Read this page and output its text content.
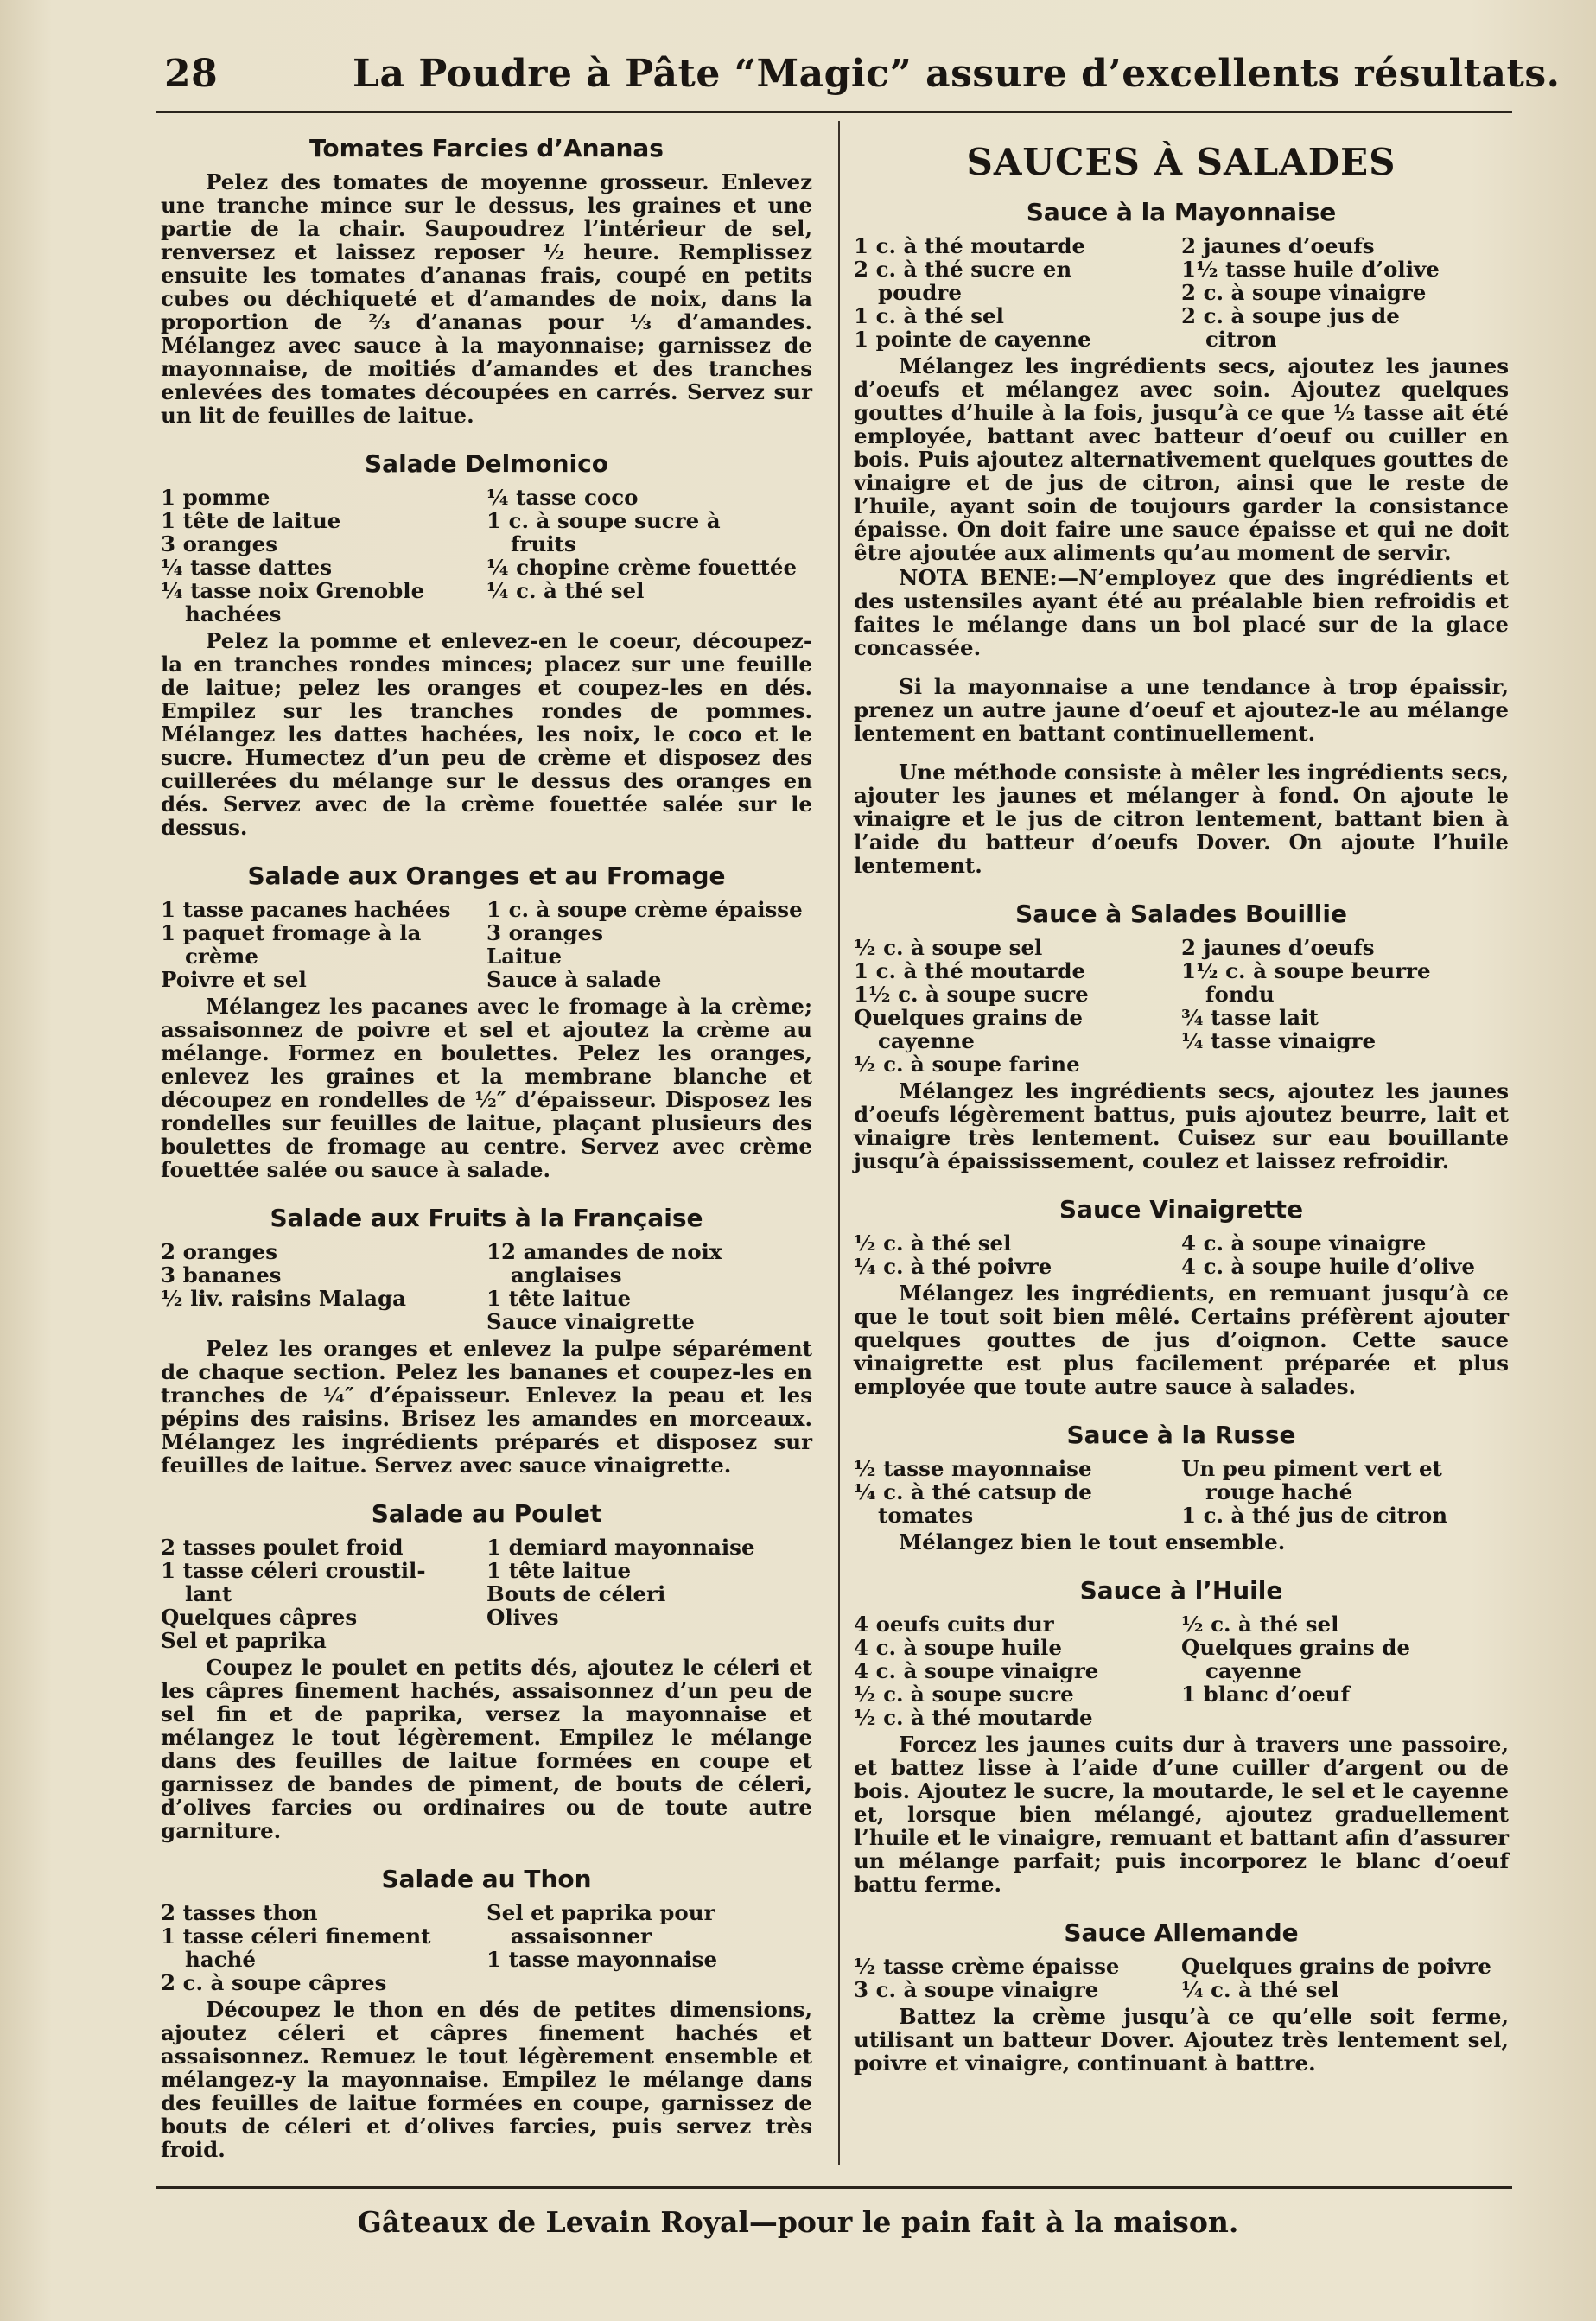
28	La Poudre à Pâte “Magic” assure d’excellents résultats.
Tomates Farcies d’Ananas

Pelez des tomates de moyenne grosseur. Enlevez une tranche mince sur le dessus, les graines et une partie de la chair. Saupoudrez l’intérieur de sel, renversez et laissez reposer ½ heure. Remplissez ensuite les tomates d’ananas frais, coupé en petits cubes ou déchiqueté et d’amandes de noix, dans la proportion de ⅔ d’ananas pour ⅓ d’amandes. Mélangez avec sauce à la mayonnaise; garnissez de mayonnaise, de moitiés d’amandes et des tranches enlevées des tomates découpées en carrés. Servez sur un lit de feuilles de laitue.

Salade Delmonico
1 pomme
1 tête de laitue
3 oranges
¼ tasse dattes
¼ tasse noix Grenoble
hachées
¼ tasse coco
1 c. à soupe sucre à
fruits
¼ chopine crème fouettée
¼ c. à thé sel

Pelez la pomme et enlevez-en le coeur, découpez-la en tranches rondes minces; placez sur une feuille de laitue; pelez les oranges et coupez-les en dés. Empilez sur les tranches rondes de pommes. Mélangez les dattes hachées, les noix, le coco et le sucre. Humectez d’un peu de crème et disposez des cuillerées du mélange sur le dessus des oranges en dés. Servez avec de la crème fouettée salée sur le dessus.

Salade aux Oranges et au Fromage
1 tasse pacanes hachées
1 paquet fromage à la
crème
Poivre et sel
1 c. à soupe crème épaisse
3 oranges
Laitue
Sauce à salade

Mélangez les pacanes avec le fromage à la crème; assaisonnez de poivre et sel et ajoutez la crème au mélange. Formez en boulettes. Pelez les oranges, enlevez les graines et la membrane blanche et découpez en rondelles de ½″ d’épaisseur. Disposez les rondelles sur feuilles de laitue, plaçant plusieurs des boulettes de fromage au centre. Servez avec crème fouettée salée ou sauce à salade.

Salade aux Fruits à la Française
2 oranges
3 bananes
½ liv. raisins Malaga
12 amandes de noix
anglaises
1 tête laitue
Sauce vinaigrette

Pelez les oranges et enlevez la pulpe séparément de chaque section. Pelez les bananes et coupez-les en tranches de ¼″ d’épaisseur. Enlevez la peau et les pépins des raisins. Brisez les amandes en morceaux. Mélangez les ingrédients préparés et disposez sur feuilles de laitue. Servez avec sauce vinaigrette.

Salade au Poulet
2 tasses poulet froid
1 tasse céleri croustil-
lant
Quelques câpres
Sel et paprika
1 demiard mayonnaise
1 tête laitue
Bouts de céleri
Olives

Coupez le poulet en petits dés, ajoutez le céleri et les câpres finement hachés, assaisonnez d’un peu de sel fin et de paprika, versez la mayonnaise et mélangez le tout légèrement. Empilez le mélange dans des feuilles de laitue formées en coupe et garnissez de bandes de piment, de bouts de céleri, d’olives farcies ou ordinaires ou de toute autre garniture.

Salade au Thon
2 tasses thon
1 tasse céleri finement
haché
2 c. à soupe câpres
Sel et paprika pour
assaisonner
1 tasse mayonnaise

Découpez le thon en dés de petites dimensions, ajoutez céleri et câpres finement hachés et assaisonnez. Remuez le tout légèrement ensemble et mélangez-y la mayonnaise. Empilez le mélange dans des feuilles de laitue formées en coupe, garnissez de bouts de céleri et d’olives farcies, puis servez très froid.

SAUCES À SALADES
Sauce à la Mayonnaise
1 c. à thé moutarde
2 c. à thé sucre en
poudre
1 c. à thé sel
1 pointe de cayenne
2 jaunes d’oeufs
1½ tasse huile d’olive
2 c. à soupe vinaigre
2 c. à soupe jus de
citron

Mélangez les ingrédients secs, ajoutez les jaunes d’oeufs et mélangez avec soin. Ajoutez quelques gouttes d’huile à la fois, jusqu’à ce que ½ tasse ait été employée, battant avec batteur d’oeuf ou cuiller en bois. Puis ajoutez alternativement quelques gouttes de vinaigre et de jus de citron, ainsi que le reste de l’huile, ayant soin de toujours garder la consistance épaisse. On doit faire une sauce épaisse et qui ne doit être ajoutée aux aliments qu’au moment de servir.

NOTA BENE:—N’employez que des ingrédients et des ustensiles ayant été au préalable bien refroidis et faites le mélange dans un bol placé sur de la glace concassée.

Si la mayonnaise a une tendance à trop épaissir, prenez un autre jaune d’oeuf et ajoutez-le au mélange lentement en battant continuellement.

Une méthode consiste à mêler les ingrédients secs, ajouter les jaunes et mélanger à fond. On ajoute le vinaigre et le jus de citron lentement, battant bien à l’aide du batteur d’oeufs Dover. On ajoute l’huile lentement.

Sauce à Salades Bouillie
½ c. à soupe sel
1 c. à thé moutarde
1½ c. à soupe sucre
Quelques grains de
cayenne
½ c. à soupe farine
2 jaunes d’oeufs
1½ c. à soupe beurre
fondu
¾ tasse lait
¼ tasse vinaigre

Mélangez les ingrédients secs, ajoutez les jaunes d’oeufs légèrement battus, puis ajoutez beurre, lait et vinaigre très lentement. Cuisez sur eau bouillante jusqu’à épaississement, coulez et laissez refroidir.

Sauce Vinaigrette
½ c. à thé sel
¼ c. à thé poivre
4 c. à soupe vinaigre
4 c. à soupe huile d’olive

Mélangez les ingrédients, en remuant jusqu’à ce que le tout soit bien mêlé. Certains préfèrent ajouter quelques gouttes de jus d’oignon. Cette sauce vinaigrette est plus facilement préparée et plus employée que toute autre sauce à salades.

Sauce à la Russe
½ tasse mayonnaise
¼ c. à thé catsup de
tomates
Un peu piment vert et
rouge haché
1 c. à thé jus de citron

Mélangez bien le tout ensemble.

Sauce à l’Huile
4 oeufs cuits dur
4 c. à soupe huile
4 c. à soupe vinaigre
½ c. à soupe sucre
½ c. à thé moutarde
½ c. à thé sel
Quelques grains de
cayenne
1 blanc d’oeuf

Forcez les jaunes cuits dur à travers une passoire, et battez lisse à l’aide d’une cuiller d’argent ou de bois. Ajoutez le sucre, la moutarde, le sel et le cayenne et, lorsque bien mélangé, ajoutez graduellement l’huile et le vinaigre, remuant et battant afin d’assurer un mélange parfait; puis incorporez le blanc d’oeuf battu ferme.

Sauce Allemande
½ tasse crème épaisse
3 c. à soupe vinaigre
Quelques grains de poivre
¼ c. à thé sel

Battez la crème jusqu’à ce qu’elle soit ferme, utilisant un batteur Dover. Ajoutez très lentement sel, poivre et vinaigre, continuant à battre.

Gâteaux de Levain Royal—pour le pain fait à la maison.
